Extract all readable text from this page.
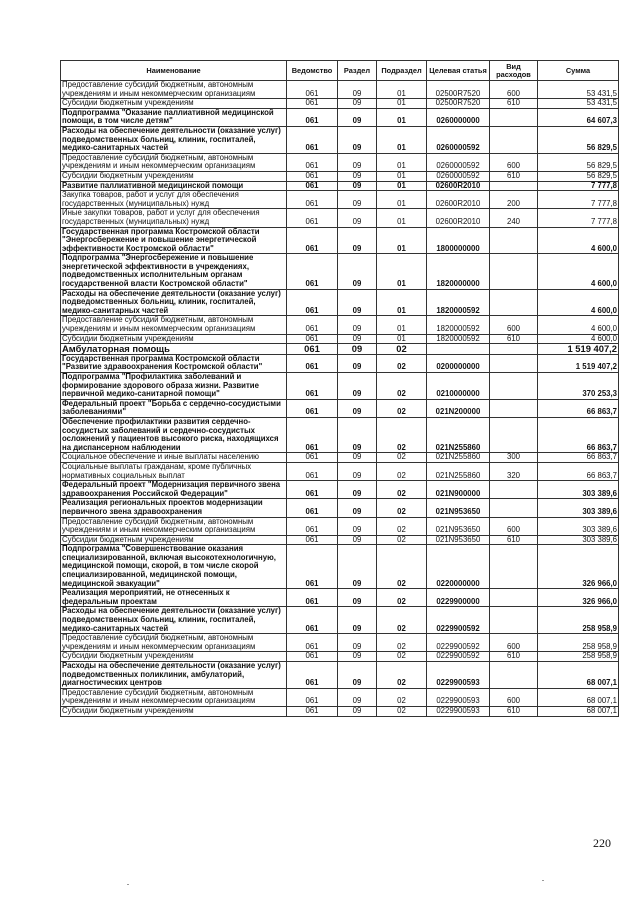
Наименование	Ведомство	Раздел	Подраздел	Целевая статья	Вид расходов	Сумма
Предоставление субсидий бюджетным, автономным учреждениям и иным некоммерческим организациям	061	09	01	02500R7520	600	53 431,5
Субсидии бюджетным учреждениям	061	09	01	02500R7520	610	53 431,5
Подпрограмма "Оказание паллиативной медицинской помощи, в том числе детям"	061	09	01	0260000000		64 607,3
Расходы на обеспечение деятельности (оказание услуг) подведомственных больниц, клиник, госпиталей, медико-санитарных частей	061	09	01	0260000592		56 829,5
Предоставление субсидий бюджетным, автономным учреждениям и иным некоммерческим организациям	061	09	01	0260000592	600	56 829,5
Субсидии бюджетным учреждениям	061	09	01	0260000592	610	56 829,5
Развитие паллиативной медицинской помощи	061	09	01	02600R2010		7 777,8
Закупка товаров, работ и услуг для обеспечения государственных (муниципальных) нужд	061	09	01	02600R2010	200	7 777,8
Иные закупки товаров, работ и услуг для обеспечения государственных (муниципальных) нужд	061	09	01	02600R2010	240	7 777,8
Государственная программа Костромской области "Энергосбережение и повышение энергетической эффективности Костромской области"	061	09	01	1800000000		4 600,0
Подпрограмма "Энергосбережение и повышение энергетической эффективности в учреждениях, подведомственных исполнительным органам государственной власти Костромской области"	061	09	01	1820000000		4 600,0
Расходы на обеспечение деятельности (оказание услуг) подведомственных больниц, клиник, госпиталей, медико-санитарных частей	061	09	01	1820000592		4 600,0
Предоставление субсидий бюджетным, автономным учреждениям и иным некоммерческим организациям	061	09	01	1820000592	600	4 600,0
Субсидии бюджетным учреждениям	061	09	01	1820000592	610	4 600,0
Амбулаторная помощь	061	09	02			1 519 407,2
Государственная программа Костромской области "Развитие здравоохранения Костромской области"	061	09	02	0200000000		1 519 407,2
Подпрограмма "Профилактика заболеваний и формирование здорового образа жизни. Развитие первичной медико-санитарной помощи"	061	09	02	0210000000		370 253,3
Федеральный проект "Борьба с сердечно-сосудистыми заболеваниями"	061	09	02	021N200000		66 863,7
Обеспечение профилактики развития сердечно-сосудистых заболеваний и сердечно-сосудистых осложнений у пациентов высокого риска, находящихся на диспансерном наблюдении	061	09	02	021N255860		66 863,7
Социальное обеспечение и иные выплаты населению	061	09	02	021N255860	300	66 863,7
Социальные выплаты гражданам, кроме публичных нормативных социальных выплат	061	09	02	021N255860	320	66 863,7
Федеральный проект "Модернизация первичного звена здравоохранения Российской Федерации"	061	09	02	021N900000		303 389,6
Реализация региональных проектов модернизации первичного звена здравоохранения	061	09	02	021N953650		303 389,6
Предоставление субсидий бюджетным, автономным учреждениям и иным некоммерческим организациям	061	09	02	021N953650	600	303 389,6
Субсидии бюджетным учреждениям	061	09	02	021N953650	610	303 389,6
Подпрограмма "Совершенствование оказания специализированной, включая высокотехнологичную, медицинской помощи, скорой, в том числе скорой специализированной, медицинской помощи, медицинской эвакуации"	061	09	02	0220000000		326 966,0
Реализация мероприятий, не отнесенных к федеральным проектам	061	09	02	0229900000		326 966,0
Расходы на обеспечение деятельности (оказание услуг) подведомственных больниц, клиник, госпиталей, медико-санитарных частей	061	09	02	0229900592		258 958,9
Предоставление субсидий бюджетным, автономным учреждениям и иным некоммерческим организациям	061	09	02	0229900592	600	258 958,9
Субсидии бюджетным учреждениям	061	09	02	0229900592	610	258 958,9
Расходы на обеспечение деятельности (оказание услуг) подведомственных поликлиник, амбулаторий, диагностических центров	061	09	02	0229900593		68 007,1
Предоставление субсидий бюджетным, автономным учреждениям и иным некоммерческим организациям	061	09	02	0229900593	600	68 007,1
Субсидии бюджетным учреждениям	061	09	02	0229900593	610	68 007,1
220
